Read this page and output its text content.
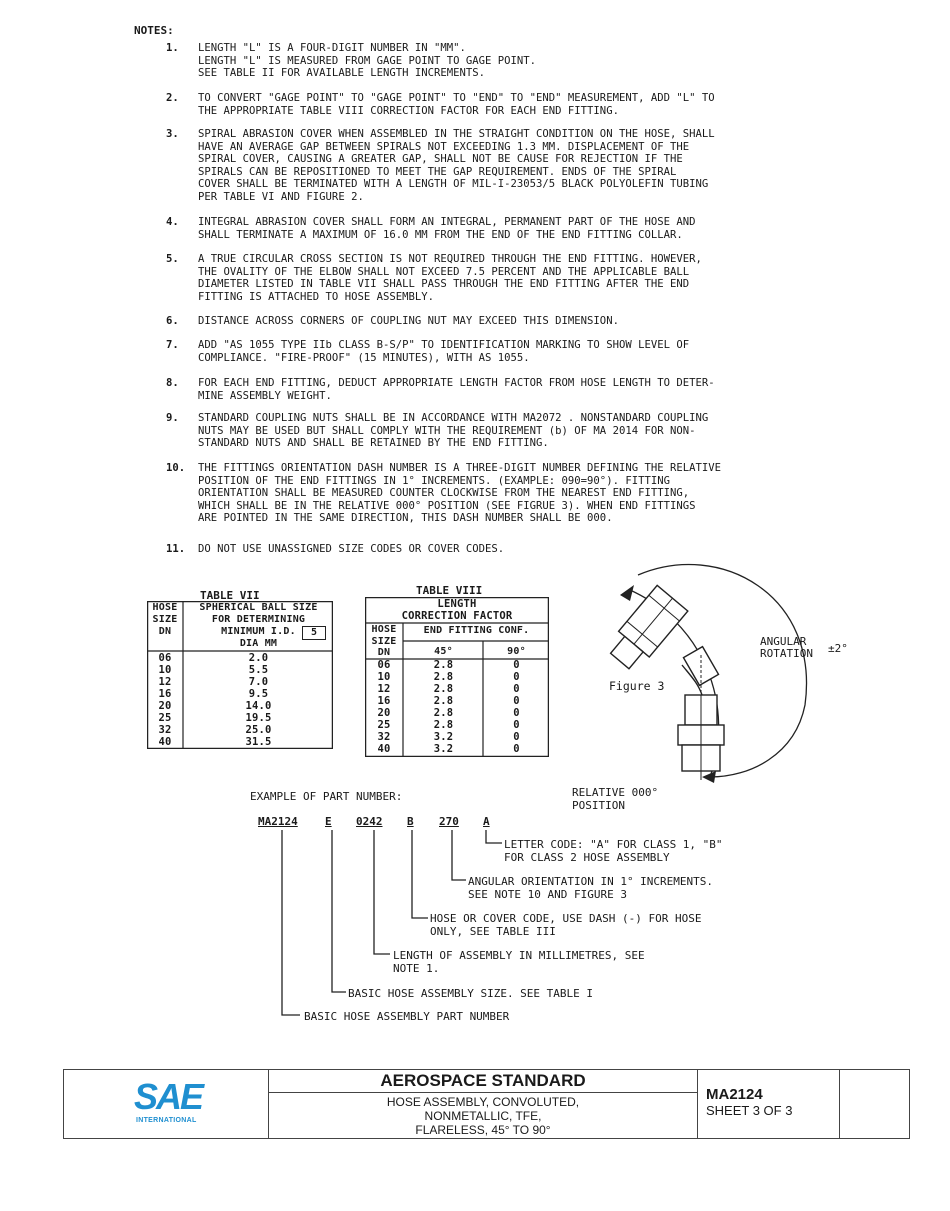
NOTES:
1.	LENGTH "L" IS A FOUR-DIGIT NUMBER IN "MM".
LENGTH "L" IS MEASURED FROM GAGE POINT TO GAGE POINT.
SEE TABLE II FOR AVAILABLE LENGTH INCREMENTS.
2.	TO CONVERT "GAGE POINT" TO "GAGE POINT" TO "END" TO "END" MEASUREMENT, ADD "L" TO
THE APPROPRIATE TABLE VIII CORRECTION FACTOR FOR EACH END FITTING.
3.	SPIRAL ABRASION COVER WHEN ASSEMBLED IN THE STRAIGHT CONDITION ON THE HOSE, SHALL
HAVE AN AVERAGE GAP BETWEEN SPIRALS NOT EXCEEDING 1.3 MM. DISPLACEMENT OF THE
SPIRAL COVER, CAUSING A GREATER GAP, SHALL NOT BE CAUSE FOR REJECTION IF THE
SPIRALS CAN BE REPOSITIONED TO MEET THE GAP REQUIREMENT. ENDS OF THE SPIRAL
COVER SHALL BE TERMINATED WITH A LENGTH OF MIL-I-23053/5 BLACK POLYOLEFIN TUBING
PER TABLE VI AND FIGURE 2.
4.	INTEGRAL ABRASION COVER SHALL FORM AN INTEGRAL, PERMANENT PART OF THE HOSE AND
SHALL TERMINATE A MAXIMUM OF 16.0 MM FROM THE END OF THE END FITTING COLLAR.
5.	A TRUE CIRCULAR CROSS SECTION IS NOT REQUIRED THROUGH THE END FITTING. HOWEVER,
THE OVALITY OF THE ELBOW SHALL NOT EXCEED 7.5 PERCENT AND THE APPLICABLE BALL
DIAMETER LISTED IN TABLE VII SHALL PASS THROUGH THE END FITTING AFTER THE END
FITTING IS ATTACHED TO HOSE ASSEMBLY.
6.	DISTANCE ACROSS CORNERS OF COUPLING NUT MAY EXCEED THIS DIMENSION.
7.	ADD "AS 1055 TYPE IIb CLASS B-S/P" TO IDENTIFICATION MARKING TO SHOW LEVEL OF
COMPLIANCE. "FIRE-PROOF" (15 MINUTES), WITH AS 1055.
8.	FOR EACH END FITTING, DEDUCT APPROPRIATE LENGTH FACTOR FROM HOSE LENGTH TO DETER-
MINE ASSEMBLY WEIGHT.
9.	STANDARD COUPLING NUTS SHALL BE IN ACCORDANCE WITH MA2072 . NONSTANDARD COUPLING
NUTS MAY BE USED BUT SHALL COMPLY WITH THE REQUIREMENT (b) OF MA 2014 FOR NON-
STANDARD NUTS AND SHALL BE RETAINED BY THE END FITTING.
10.	THE FITTINGS ORIENTATION DASH NUMBER IS A THREE-DIGIT NUMBER DEFINING THE RELATIVE
POSITION OF THE END FITTINGS IN 1° INCREMENTS. (EXAMPLE: 090=90°). FITTING
ORIENTATION SHALL BE MEASURED COUNTER CLOCKWISE FROM THE NEAREST END FITTING,
WHICH SHALL BE IN THE RELATIVE 000° POSITION (SEE FIGRUE 3). WHEN END FITTINGS
ARE POINTED IN THE SAME DIRECTION, THIS DASH NUMBER SHALL BE 000.
11.	DO NOT USE UNASSIGNED SIZE CODES OR COVER CODES.
TABLE VII
HOSE
SIZE
DN
SPHERICAL BALL SIZE
FOR DETERMINING
MINIMUM I.D.	5
DIA MM
06	2.0
10	5.5
12	7.0
16	9.5
20	14.0
25	19.5
32	25.0
40	31.5
TABLE VIII
LENGTH
CORRECTION FACTOR
HOSE
SIZE
DN
END FITTING CONF.
45°	90°
06	2.8	0
10	2.8	0
12	2.8	0
16	2.8	0
20	2.8	0
25	2.8	0
32	3.2	0
40	3.2	0
Figure 3
ANGULAR
ROTATION ±2°
RELATIVE 000°
POSITION
EXAMPLE OF PART NUMBER:
MA2124 E 0242 B 270 A
LETTER CODE: "A" FOR CLASS 1, "B"
FOR CLASS 2 HOSE ASSEMBLY
ANGULAR ORIENTATION IN 1° INCREMENTS.
SEE NOTE 10 AND FIGURE 3
HOSE OR COVER CODE, USE DASH (-) FOR HOSE
ONLY, SEE TABLE III
LENGTH OF ASSEMBLY IN MILLIMETRES, SEE
NOTE 1.
BASIC HOSE ASSEMBLY SIZE. SEE TABLE I
BASIC HOSE ASSEMBLY PART NUMBER
SAE
INTERNATIONAL
AEROSPACE STANDARD
HOSE ASSEMBLY, CONVOLUTED,
NONMETALLIC, TFE,
FLARELESS, 45° TO 90°
MA2124
SHEET 3 OF 3
